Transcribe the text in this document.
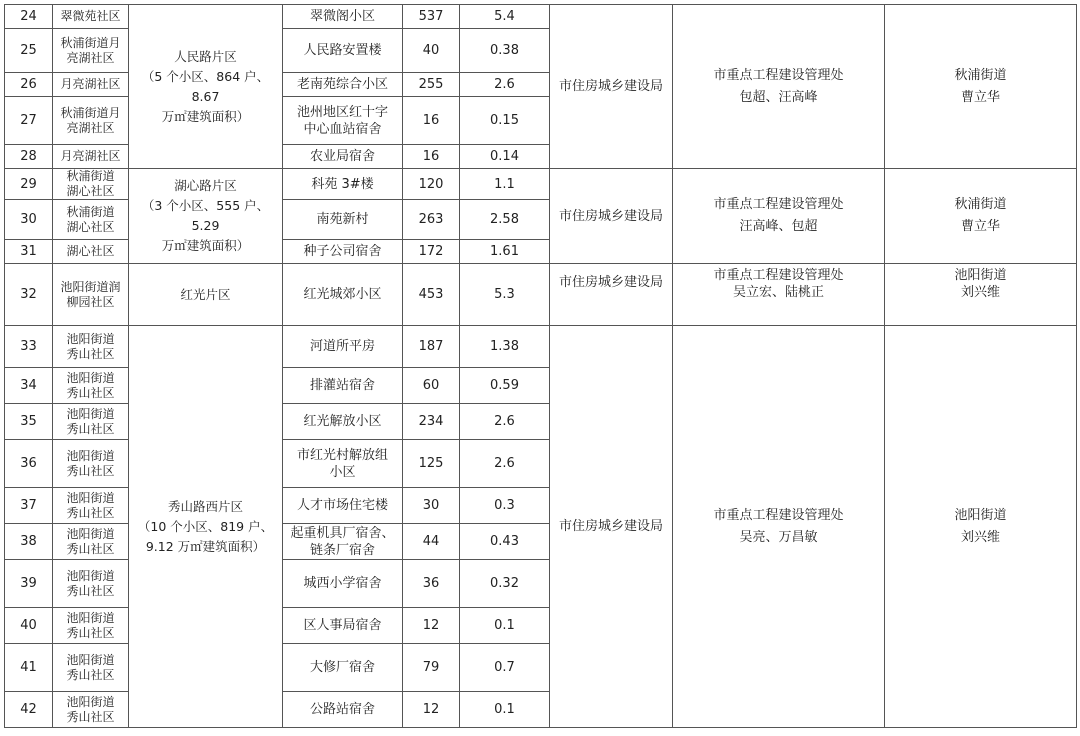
24	翠微苑社区	人民路片区
（5 个小区、864 户、8.67
万㎡建筑面积）	翠微阁小区	537	5.4	市住房城乡建设局	市重点工程建设管理处
包超、汪高峰	秋浦街道
曹立华
25	秋浦街道月
亮湖社区		人民路安置楼	40	0.38			
26	月亮湖社区		老南苑综合小区	255	2.6			
27	秋浦街道月
亮湖社区		池州地区红十字
中心血站宿舍	16	0.15			
28	月亮湖社区		农业局宿舍	16	0.14			
29	秋浦街道
湖心社区	湖心路片区
（3 个小区、555 户、5.29
万㎡建筑面积）	科苑 3#楼	120	1.1	市住房城乡建设局	市重点工程建设管理处
汪高峰、包超	秋浦街道
曹立华
30	秋浦街道
湖心社区		南苑新村	263	2.58			
31	湖心社区		种子公司宿舍	172	1.61			
32	池阳街道润
柳园社区	红光片区	红光城郊小区	453	5.3	市住房城乡建设局	市重点工程建设管理处
吴立宏、陆桃正	池阳街道
刘兴维
33	池阳街道
秀山社区	秀山路西片区
（10 个小区、819 户、
9.12 万㎡建筑面积）	河道所平房	187	1.38	市住房城乡建设局	市重点工程建设管理处
吴亮、万昌敏	池阳街道
刘兴维
34	池阳街道
秀山社区		排灌站宿舍	60	0.59			
35	池阳街道
秀山社区		红光解放小区	234	2.6			
36	池阳街道
秀山社区		市红光村解放组
小区	125	2.6			
37	池阳街道
秀山社区		人才市场住宅楼	30	0.3			
38	池阳街道
秀山社区		起重机具厂宿舍、
链条厂宿舍	44	0.43			
39	池阳街道
秀山社区		城西小学宿舍	36	0.32			
40	池阳街道
秀山社区		区人事局宿舍	12	0.1			
41	池阳街道
秀山社区		大修厂宿舍	79	0.7			
42	池阳街道
秀山社区		公路站宿舍	12	0.1			
